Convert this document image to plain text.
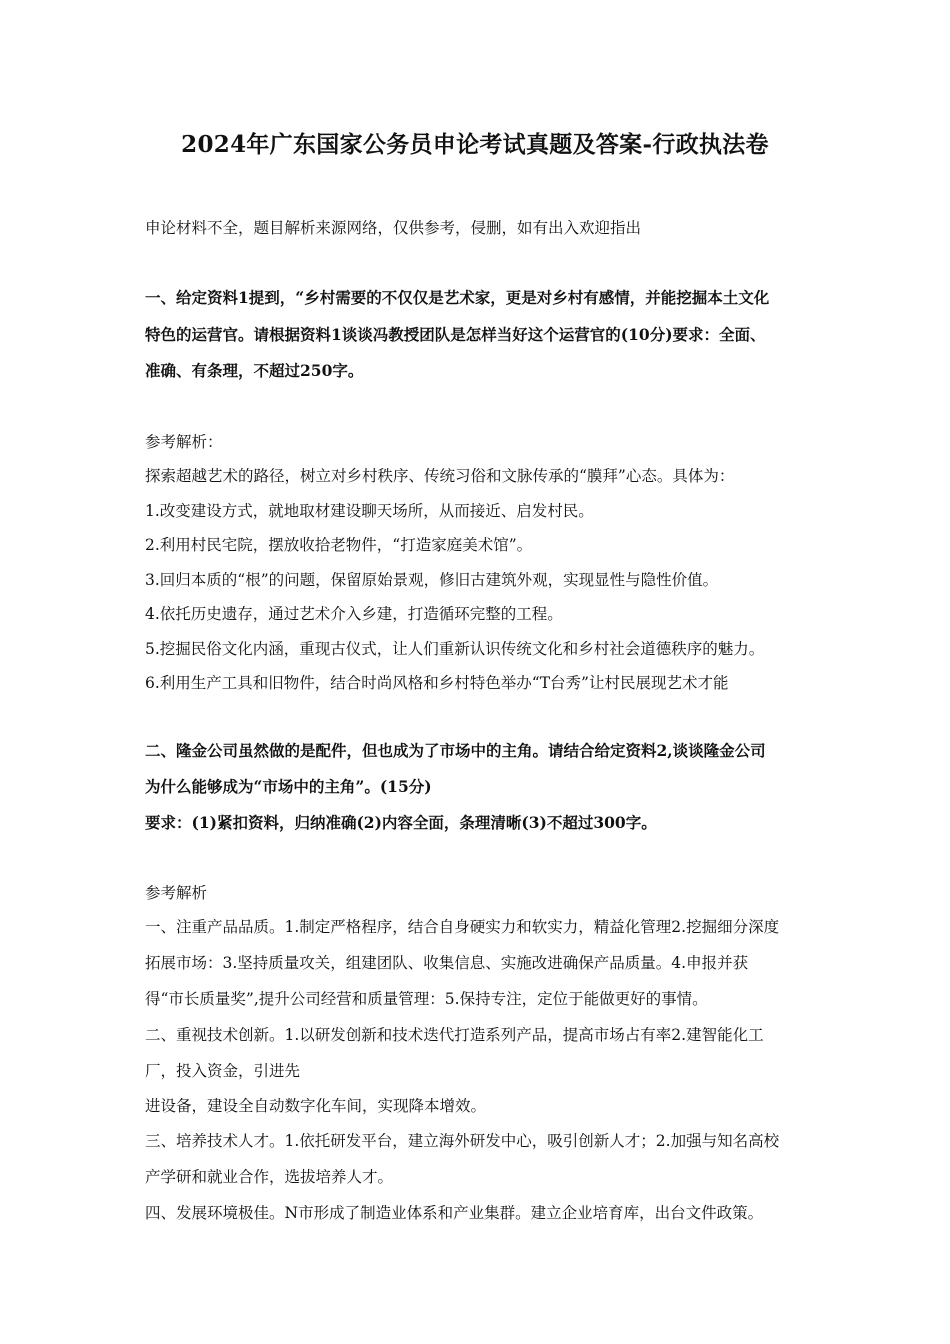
2024年广东国家公务员申论考试真题及答案-行政执法卷
申论材料不全，题目解析来源网络，仅供参考，侵删，如有出入欢迎指出
一、给定资料1提到，“乡村需要的不仅仅是艺术家，更是对乡村有感情，并能挖掘本土文化
特色的运营官。请根据资料1谈谈冯教授团队是怎样当好这个运营官的(10分)要求：全面、
准确、有条理，不超过250字。
参考解析：
探索超越艺术的路径，树立对乡村秩序、传统习俗和文脉传承的“膜拜”心态。具体为：
1.改变建设方式，就地取材建设聊天场所，从而接近、启发村民。
2.利用村民宅院，摆放收拾老物件，“打造家庭美术馆”。
3.回归本质的“根”的问题，保留原始景观，修旧古建筑外观，实现显性与隐性价值。
4.依托历史遗存，通过艺术介入乡建，打造循环完整的工程。
5.挖掘民俗文化内涵，重现古仪式，让人们重新认识传统文化和乡村社会道德秩序的魅力。
6.利用生产工具和旧物件，结合时尚风格和乡村特色举办“T台秀”让村民展现艺术才能
二、隆金公司虽然做的是配件，但也成为了市场中的主角。请结合给定资料2,谈谈隆金公司
为什么能够成为“市场中的主角”。(15分)
要求：(1)紧扣资料，归纳准确(2)内容全面，条理清晰(3)不超过300字。
参考解析
一、注重产品品质。1.制定严格程序，结合自身硬实力和软实力，精益化管理2.挖掘细分深度
拓展市场：3.坚持质量攻关，组建团队、收集信息、实施改进确保产品质量。4.申报并获
得“市长质量奖”,提升公司经营和质量管理：5.保持专注，定位于能做更好的事情。
二、重视技术创新。1.以研发创新和技术迭代打造系列产品，提高市场占有率2.建智能化工
厂，投入资金，引进先
进设备，建设全自动数字化车间，实现降本增效。
三、培养技术人才。1.依托研发平台，建立海外研发中心，吸引创新人才；2.加强与知名高校
产学研和就业合作，选拔培养人才。
四、发展环境极佳。N市形成了制造业体系和产业集群。建立企业培育库，出台文件政策。
